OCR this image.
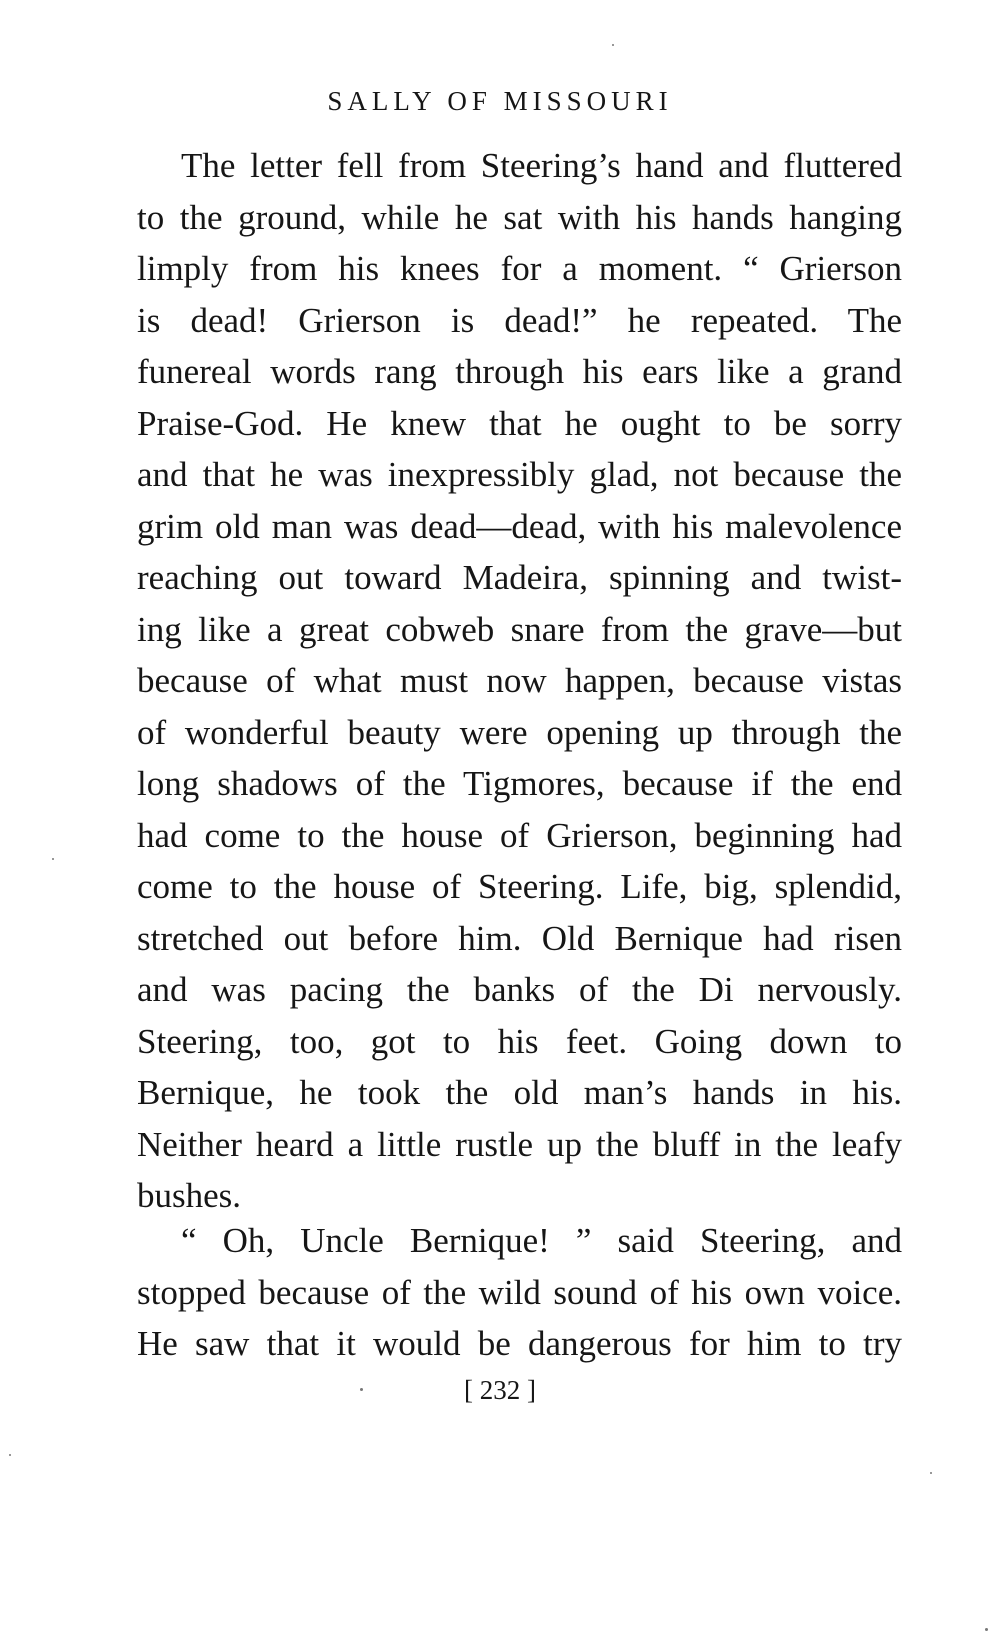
SALLY OF MISSOURI
The letter fell from Steering’s hand and fluttered
to the ground, while he sat with his hands hanging
limply from his knees for a moment. “ Grierson
is dead! Grierson is dead!” he repeated. The
funereal words rang through his ears like a grand
Praise-God. He knew that he ought to be sorry
and that he was inexpressibly glad, not because the
grim old man was dead—dead, with his malevolence
reaching out toward Madeira, spinning and twist-
ing like a great cobweb snare from the grave—but
because of what must now happen, because vistas
of wonderful beauty were opening up through the
long shadows of the Tigmores, because if the end
had come to the house of Grierson, beginning had
come to the house of Steering. Life, big, splendid,
stretched out before him. Old Bernique had risen
and was pacing the banks of the Di nervously.
Steering, too, got to his feet. Going down to
Bernique, he took the old man’s hands in his.
Neither heard a little rustle up the bluff in the leafy
bushes.
“ Oh, Uncle Bernique! ” said Steering, and
stopped because of the wild sound of his own voice.
He saw that it would be dangerous for him to try
[ 232 ]
